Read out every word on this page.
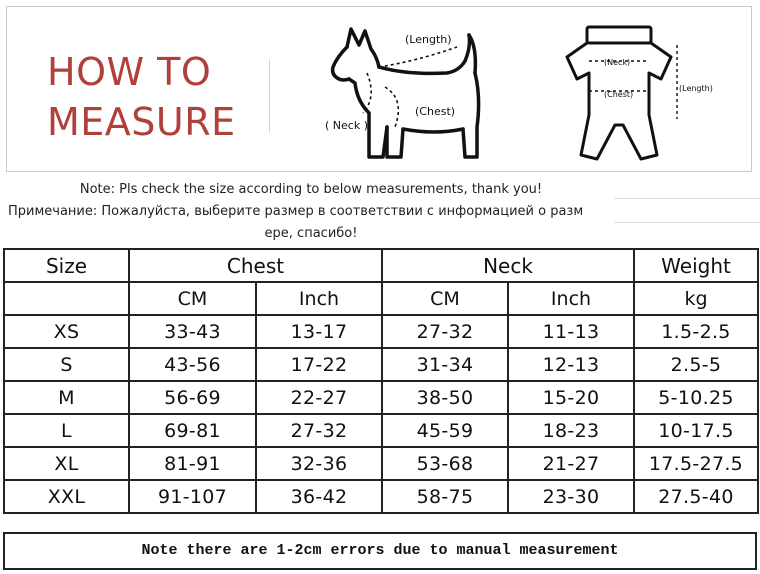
HOW TO
MEASURE
(Length)
( Neck )
(Chest)
(Neck)
(Chest)
(Length)
Note: Pls check the size according to below measurements, thank you!
Примечание: Пожалуйста, выберите размер в соответствии с информацией о разм
ере, спасибо!
Size	Chest		Neck		Weight
	CM	Inch	CM	Inch	kg
XS	33-43	13-17	27-32	11-13	1.5-2.5
S	43-56	17-22	31-34	12-13	2.5-5
M	56-69	22-27	38-50	15-20	5-10.25
L	69-81	27-32	45-59	18-23	10-17.5
XL	81-91	32-36	53-68	21-27	17.5-27.5
XXL	91-107	36-42	58-75	23-30	27.5-40
Note there are 1-2cm errors due to manual measurement
